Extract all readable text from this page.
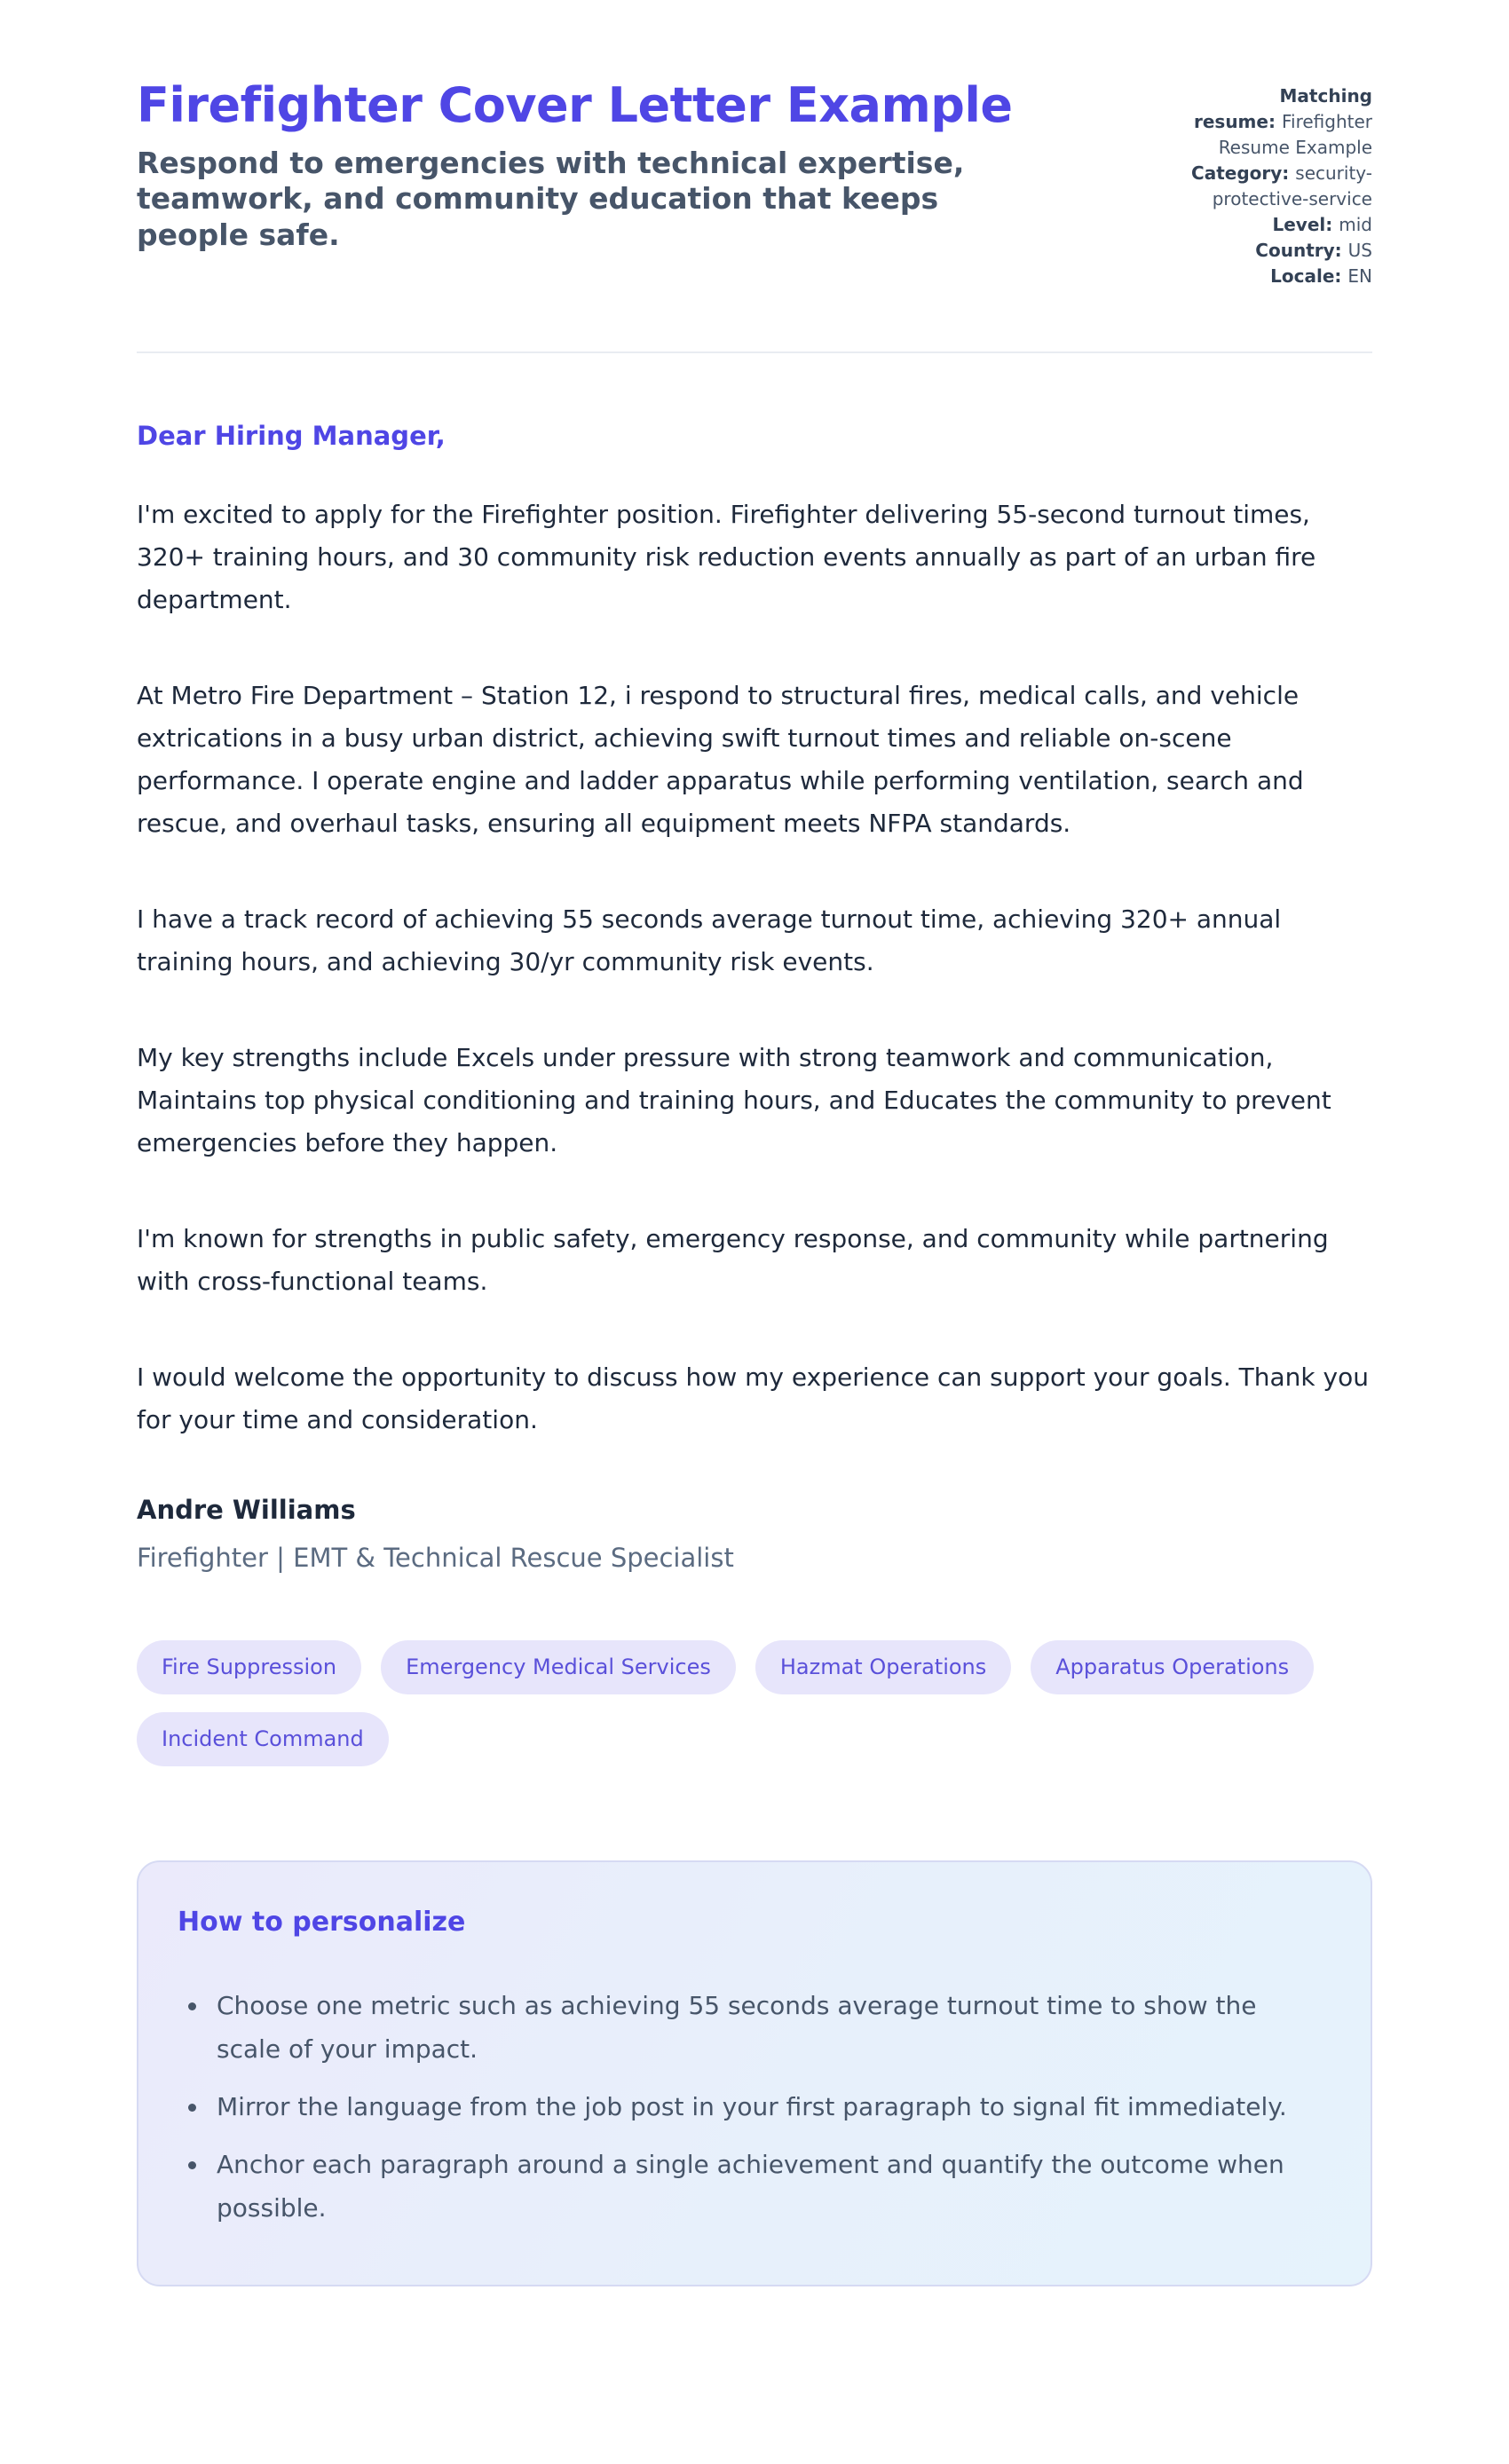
Firefighter Cover Letter Example

Respond to emergencies with technical expertise, teamwork, and community education that keeps people safe.

Matching resume: Firefighter Resume Example
Category: security-protective-service
Level: mid
Country: US
Locale: EN

Dear Hiring Manager,

I'm excited to apply for the Firefighter position. Firefighter delivering 55-second turnout times, 320+ training hours, and 30 community risk reduction events annually as part of an urban fire department.

At Metro Fire Department – Station 12, i respond to structural fires, medical calls, and vehicle extrications in a busy urban district, achieving swift turnout times and reliable on-scene performance. I operate engine and ladder apparatus while performing ventilation, search and rescue, and overhaul tasks, ensuring all equipment meets NFPA standards.

I have a track record of achieving 55 seconds average turnout time, achieving 320+ annual training hours, and achieving 30/yr community risk events.

My key strengths include Excels under pressure with strong teamwork and communication, Maintains top physical conditioning and training hours, and Educates the community to prevent emergencies before they happen.

I'm known for strengths in public safety, emergency response, and community while partnering with cross-functional teams.

I would welcome the opportunity to discuss how my experience can support your goals. Thank you for your time and consideration.

Andre Williams

Firefighter | EMT & Technical Rescue Specialist

Fire Suppression	Emergency Medical Services	Hazmat Operations	Apparatus Operations
Incident Command
How to personalize
• Choose one metric such as achieving 55 seconds average turnout time to show the scale of your impact.
• Mirror the language from the job post in your first paragraph to signal fit immediately.
• Anchor each paragraph around a single achievement and quantify the outcome when possible.
